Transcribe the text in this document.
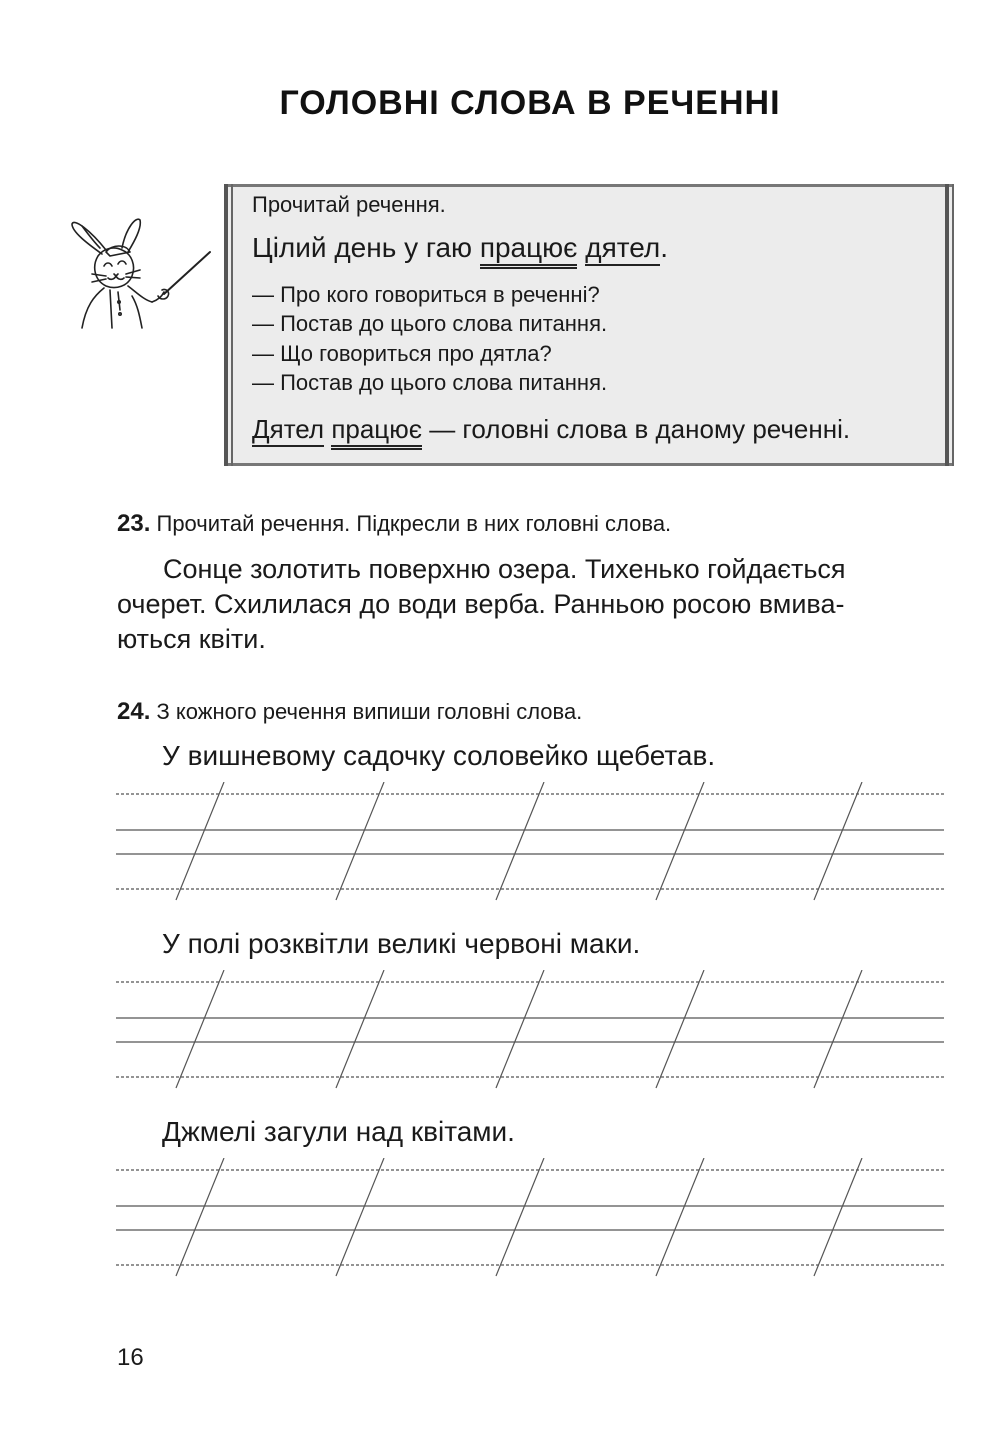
ГОЛОВНІ СЛОВА В РЕЧЕННІ
Прочитай речення.
Цілий день у гаю працює дятел.
— Про кого говориться в реченні?
— Постав до цього слова питання.
— Що говориться про дятла?
— Постав до цього слова питання.
Дятел працює — головні слова в даному реченні.
23. Прочитай речення. Підкресли в них головні слова.
Сонце золотить поверхню озера. Тихенько гойдається
очерет. Схилилася до води верба. Ранньою росою вмива-
ються квіти.
24. З кожного речення випиши головні слова.
У вишневому садочку соловейко щебетав.
У полі розквітли великі червоні маки.
Джмелі загули над квітами.
16
